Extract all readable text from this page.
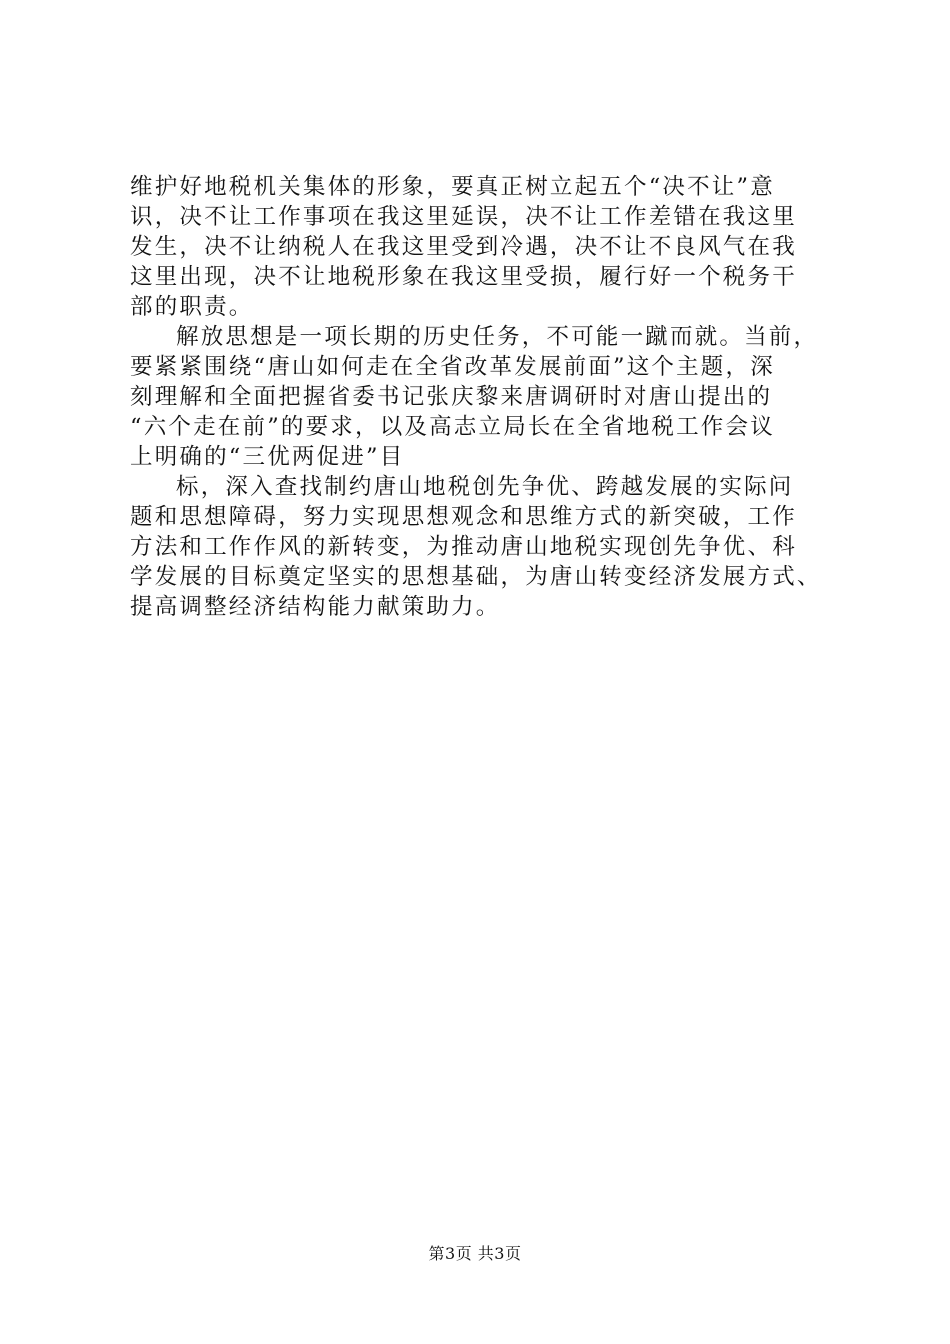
维护好地税机关集体的形象，要真正树立起五个“决不让”意
识，决不让工作事项在我这里延误，决不让工作差错在我这里
发生，决不让纳税人在我这里受到冷遇，决不让不良风气在我
这里出现，决不让地税形象在我这里受损，履行好一个税务干
部的职责。
解放思想是一项长期的历史任务，不可能一蹴而就。当前，
要紧紧围绕“唐山如何走在全省改革发展前面”这个主题，深
刻理解和全面把握省委书记张庆黎来唐调研时对唐山提出的
“六个走在前”的要求，以及高志立局长在全省地税工作会议
上明确的“三优两促进”目
标，深入查找制约唐山地税创先争优、跨越发展的实际问
题和思想障碍，努力实现思想观念和思维方式的新突破，工作
方法和工作作风的新转变，为推动唐山地税实现创先争优、科
学发展的目标奠定坚实的思想基础，为唐山转变经济发展方式、
提高调整经济结构能力献策助力。
第3页 共3页
